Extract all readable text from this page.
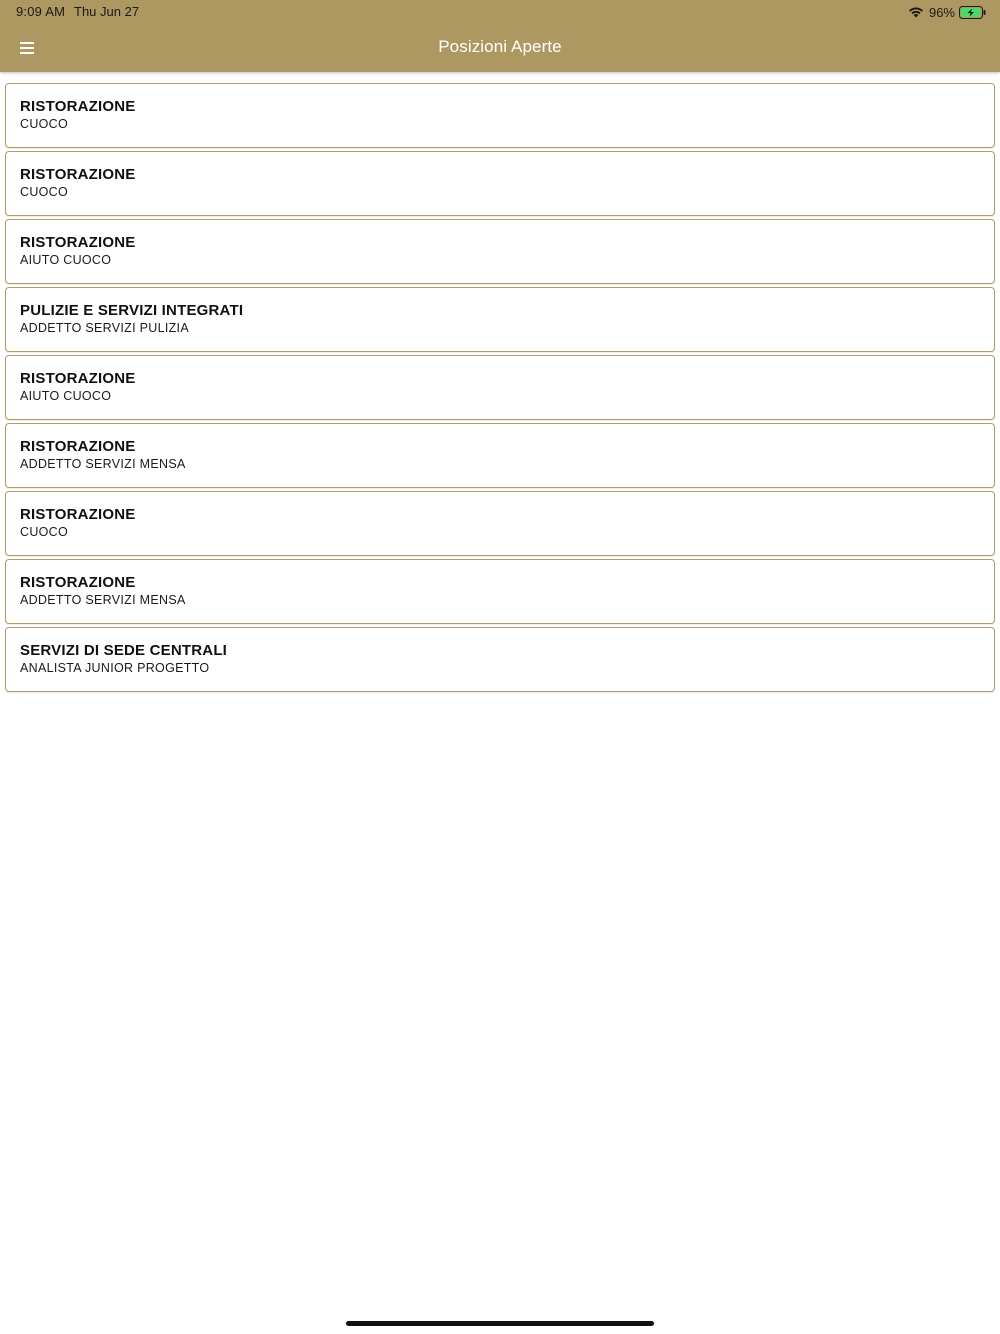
9:09 AM Thu Jun 27	96%
Posizioni Aperte
RISTORAZIONE
CUOCO
RISTORAZIONE
CUOCO
RISTORAZIONE
AIUTO CUOCO
PULIZIE E SERVIZI INTEGRATI
ADDETTO SERVIZI PULIZIA
RISTORAZIONE
AIUTO CUOCO
RISTORAZIONE
ADDETTO SERVIZI MENSA
RISTORAZIONE
CUOCO
RISTORAZIONE
ADDETTO SERVIZI MENSA
SERVIZI DI SEDE CENTRALI
ANALISTA JUNIOR PROGETTO
